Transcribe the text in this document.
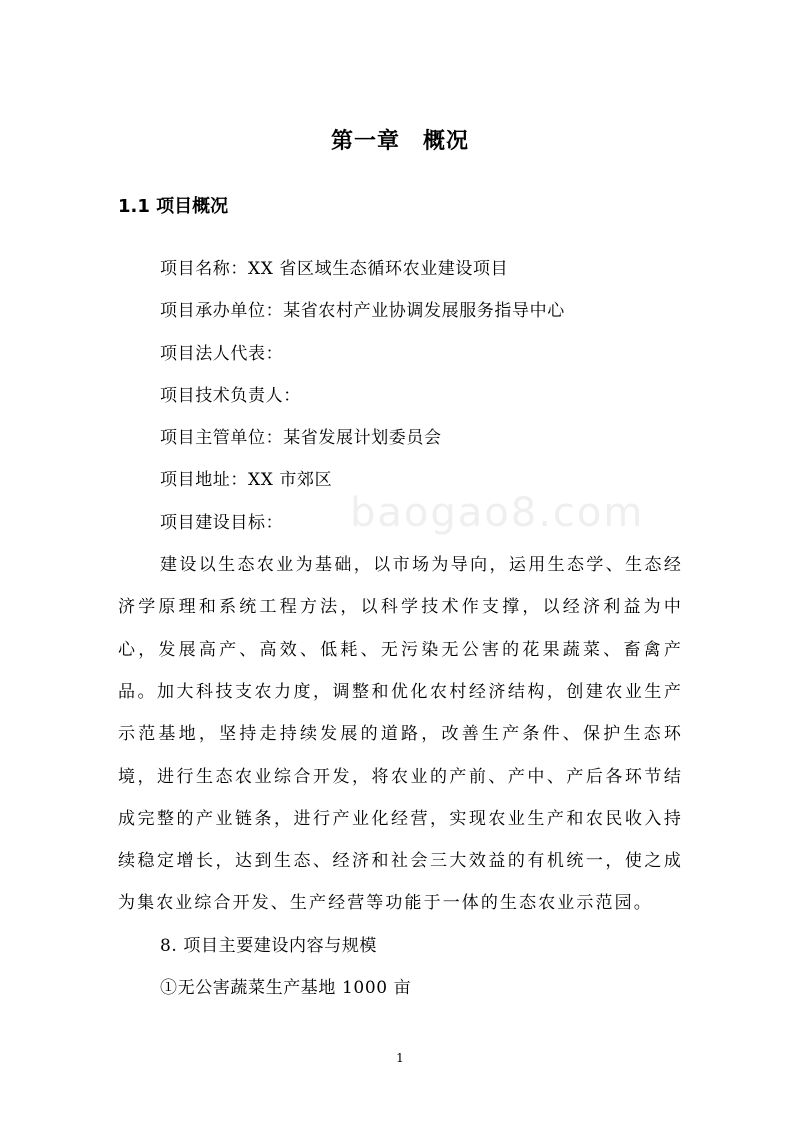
baogao8.com
第一章　概况
1.1 项目概况
项目名称：XX 省区域生态循环农业建设项目
项目承办单位：某省农村产业协调发展服务指导中心
项目法人代表：
项目技术负责人：
项目主管单位：某省发展计划委员会
项目地址：XX 市郊区
项目建设目标：

建设以生态农业为基础，以市场为导向，运用生态学、生态经济学原理和系统工程方法，以科学技术作支撑，以经济利益为中心，发展高产、高效、低耗、无污染无公害的花果蔬菜、畜禽产品。加大科技支农力度，调整和优化农村经济结构，创建农业生产示范基地，坚持走持续发展的道路，改善生产条件、保护生态环境，进行生态农业综合开发，将农业的产前、产中、产后各环节结成完整的产业链条，进行产业化经营，实现农业生产和农民收入持续稳定增长，达到生态、经济和社会三大效益的有机统一，使之成为集农业综合开发、生产经营等功能于一体的生态农业示范园。

8. 项目主要建设内容与规模
①无公害蔬菜生产基地 1000 亩
1
